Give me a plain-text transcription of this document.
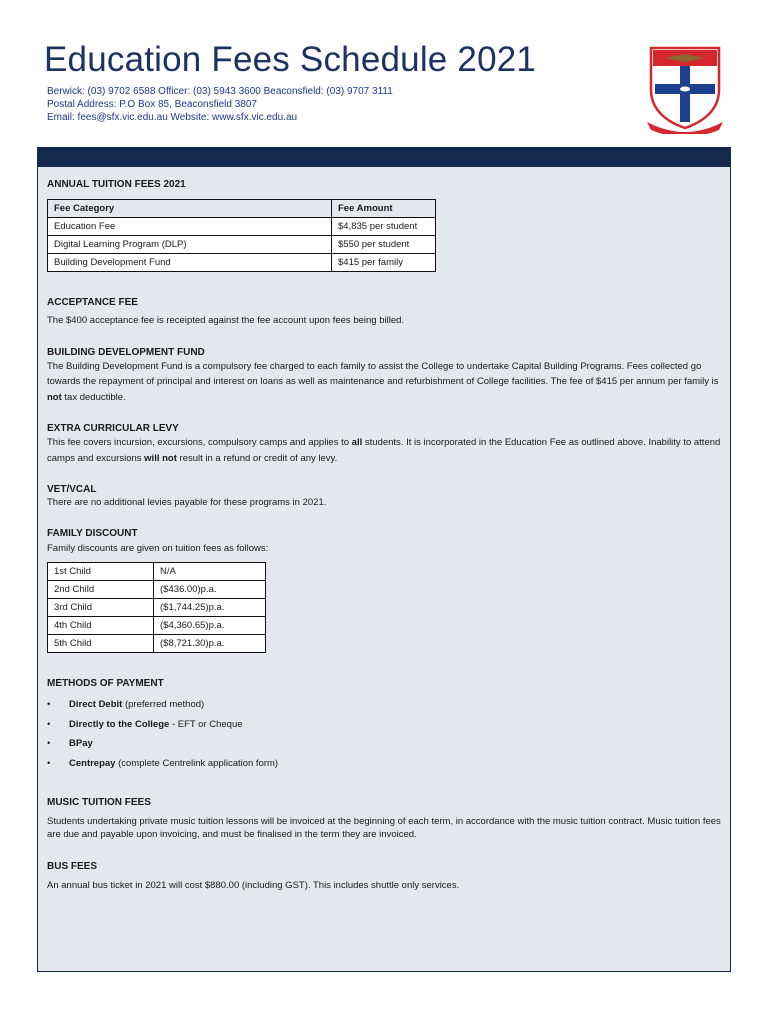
Education Fees Schedule 2021
Berwick: (03) 9702 6588 Officer: (03) 5943 3600 Beaconsfield: (03) 9707 3111
Postal Address: P.O Box 85, Beaconsfield 3807
Email: fees@sfx.vic.edu.au Website: www.sfx.vic.edu.au
ANNUAL TUITION FEES 2021
Fee Category	Fee Amount
Education Fee	$4,835 per student
Digital Learning Program (DLP)	$550 per student
Building Development Fund	$415 per family
ACCEPTANCE FEE

The $400 acceptance fee is receipted against the fee account upon fees being billed.

BUILDING DEVELOPMENT FUND

The Building Development Fund is a compulsory fee charged to each family to assist the College to undertake Capital Building Programs. Fees collected go towards the repayment of principal and interest on loans as well as maintenance and refurbishment of College facilities. The fee of $415 per annum per family is not tax deductible.

EXTRA CURRICULAR LEVY

This fee covers incursion, excursions, compulsory camps and applies to all students. It is incorporated in the Education Fee as outlined above. Inability to attend camps and excursions will not result in a refund or credit of any levy.

VET/VCAL

There are no additional levies payable for these programs in 2021.

FAMILY DISCOUNT

Family discounts are given on tuition fees as follows:

1st Child	N/A
2nd Child	($436.00)p.a.
3rd Child	($1,744.25)p.a.
4th Child	($4,360.65)p.a.
5th Child	($8,721.30)p.a.
METHODS OF PAYMENT
• Direct Debit (preferred method)
• Directly to the College - EFT or Cheque
• BPay
• Centrepay (complete Centrelink application form)
MUSIC TUITION FEES

Students undertaking private music tuition lessons will be invoiced at the beginning of each term, in accordance with the music tuition contract. Music tuition fees are due and payable upon invoicing, and must be finalised in the term they are invoiced.

BUS FEES

An annual bus ticket in 2021 will cost $880.00 (including GST). This includes shuttle only services.
